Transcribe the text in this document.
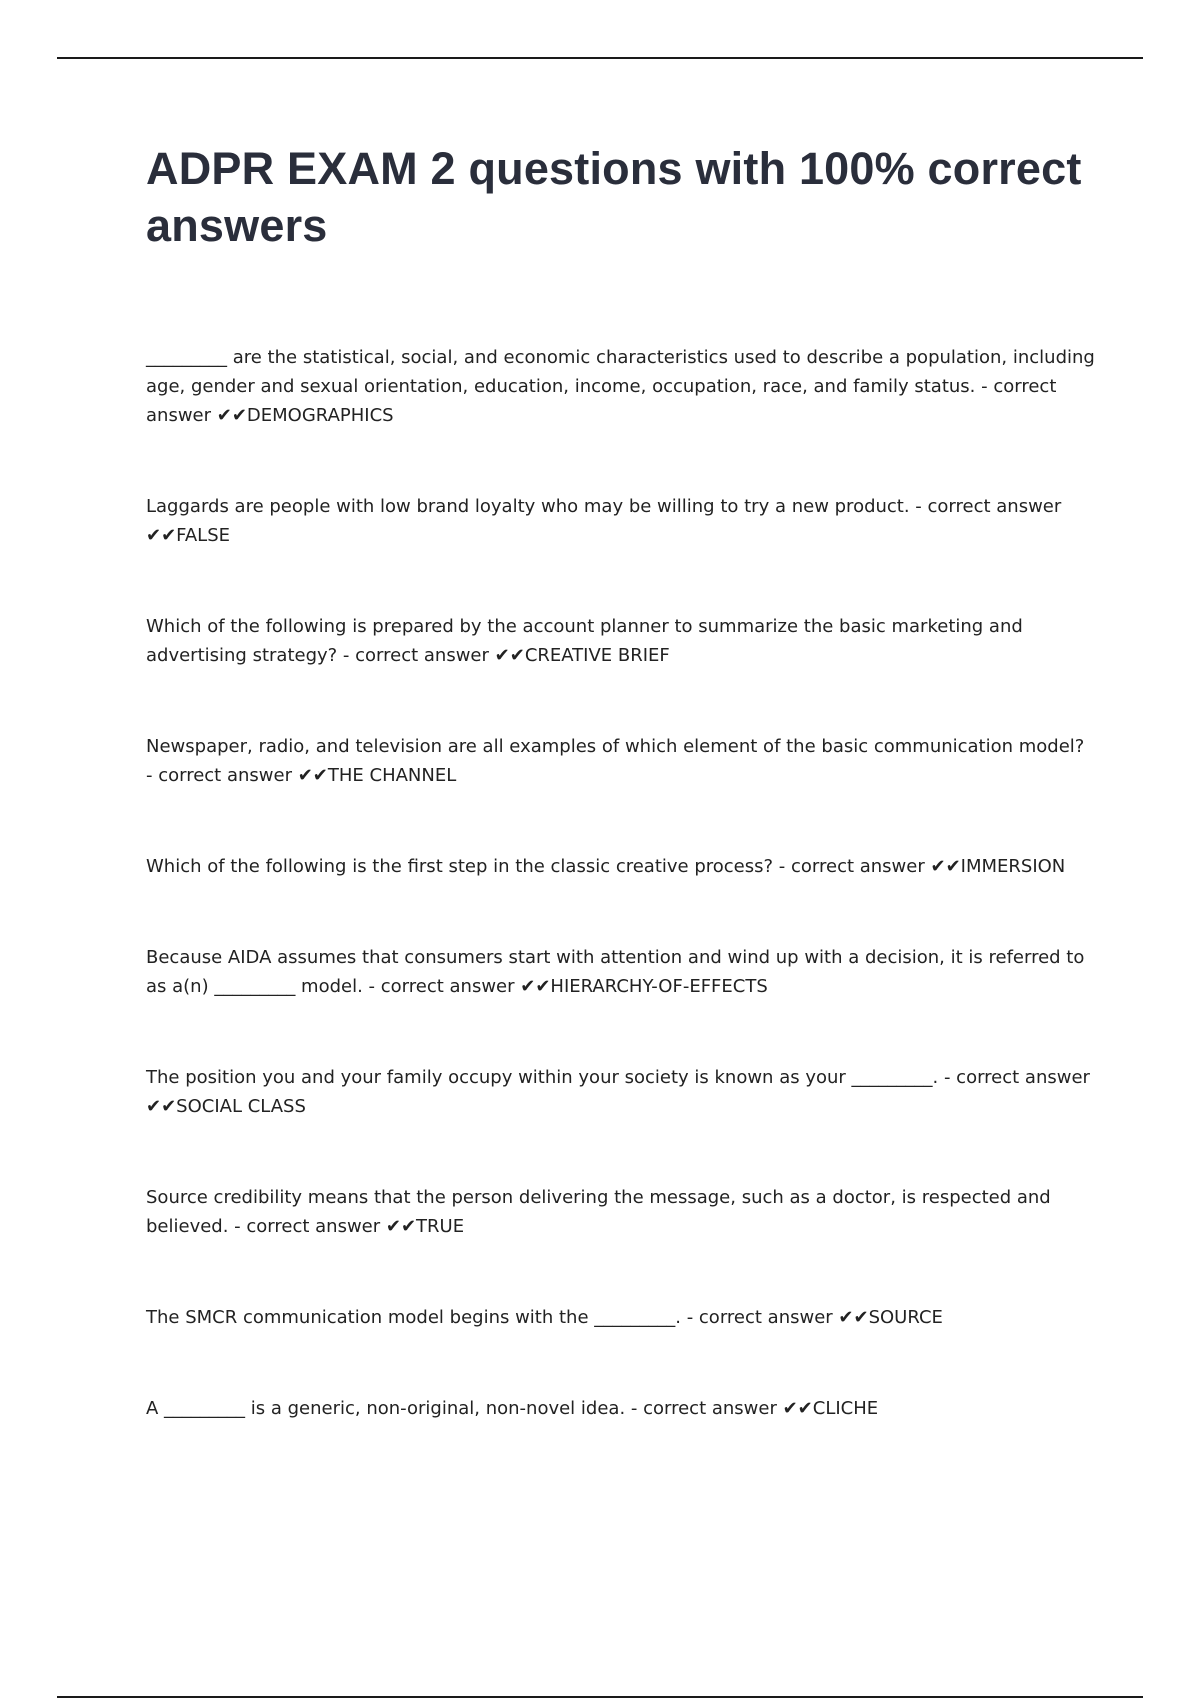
ADPR EXAM 2 questions with 100% correct answers
_________ are the statistical, social, and economic characteristics used to describe a population, including age, gender and sexual orientation, education, income, occupation, race, and family status. - correct answer ✔✔DEMOGRAPHICS
Laggards are people with low brand loyalty who may be willing to try a new product. - correct answer ✔✔FALSE
Which of the following is prepared by the account planner to summarize the basic marketing and advertising strategy? - correct answer ✔✔CREATIVE BRIEF
Newspaper, radio, and television are all examples of which element of the basic communication model? - correct answer ✔✔THE CHANNEL
Which of the following is the first step in the classic creative process? - correct answer ✔✔IMMERSION
Because AIDA assumes that consumers start with attention and wind up with a decision, it is referred to as a(n) _________ model. - correct answer ✔✔HIERARCHY-OF-EFFECTS
The position you and your family occupy within your society is known as your _________. - correct answer ✔✔SOCIAL CLASS
Source credibility means that the person delivering the message, such as a doctor, is respected and believed. - correct answer ✔✔TRUE
The SMCR communication model begins with the _________. - correct answer ✔✔SOURCE
A _________ is a generic, non-original, non-novel idea. - correct answer ✔✔CLICHE
